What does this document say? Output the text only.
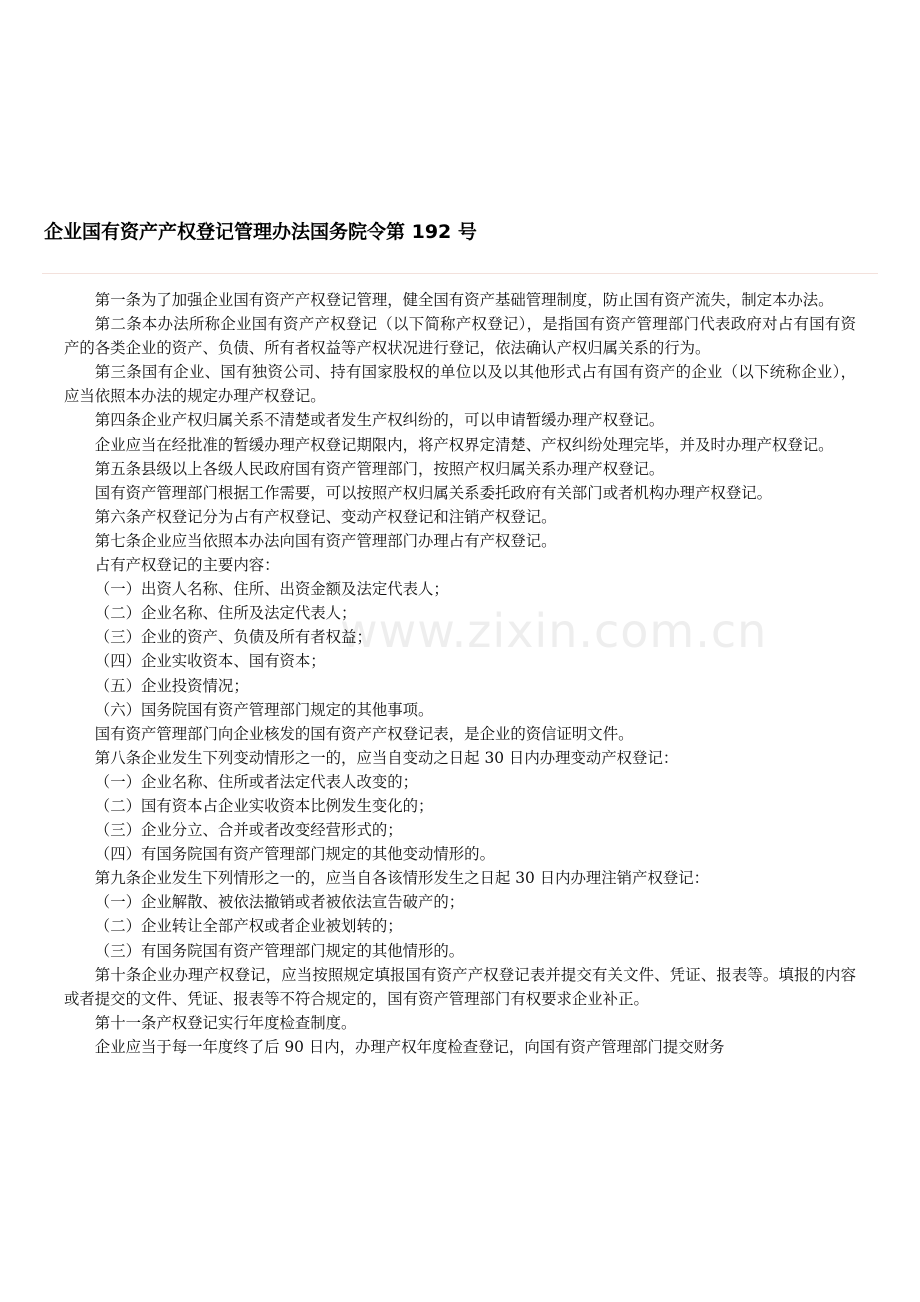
企业国有资产产权登记管理办法国务院令第 192 号
www.zixin.com.cn

第一条为了加强企业国有资产产权登记管理，健全国有资产基础管理制度，防止国有资产流失，制定本办法。

第二条本办法所称企业国有资产产权登记（以下简称产权登记），是指国有资产管理部门代表政府对占有国有资产的各类企业的资产、负债、所有者权益等产权状况进行登记，依法确认产权归属关系的行为。

第三条国有企业、国有独资公司、持有国家股权的单位以及以其他形式占有国有资产的企业（以下统称企业），应当依照本办法的规定办理产权登记。

第四条企业产权归属关系不清楚或者发生产权纠纷的，可以申请暂缓办理产权登记。

企业应当在经批准的暂缓办理产权登记期限内，将产权界定清楚、产权纠纷处理完毕，并及时办理产权登记。

第五条县级以上各级人民政府国有资产管理部门，按照产权归属关系办理产权登记。

国有资产管理部门根据工作需要，可以按照产权归属关系委托政府有关部门或者机构办理产权登记。

第六条产权登记分为占有产权登记、变动产权登记和注销产权登记。

第七条企业应当依照本办法向国有资产管理部门办理占有产权登记。

占有产权登记的主要内容：

（一）出资人名称、住所、出资金额及法定代表人；

（二）企业名称、住所及法定代表人；

（三）企业的资产、负债及所有者权益；

（四）企业实收资本、国有资本；

（五）企业投资情况；

（六）国务院国有资产管理部门规定的其他事项。

国有资产管理部门向企业核发的国有资产产权登记表，是企业的资信证明文件。

第八条企业发生下列变动情形之一的，应当自变动之日起 30 日内办理变动产权登记：

（一）企业名称、住所或者法定代表人改变的；

（二）国有资本占企业实收资本比例发生变化的；

（三）企业分立、合并或者改变经营形式的；

（四）有国务院国有资产管理部门规定的其他变动情形的。

第九条企业发生下列情形之一的，应当自各该情形发生之日起 30 日内办理注销产权登记：

（一）企业解散、被依法撤销或者被依法宣告破产的；

（二）企业转让全部产权或者企业被划转的；

（三）有国务院国有资产管理部门规定的其他情形的。

第十条企业办理产权登记，应当按照规定填报国有资产产权登记表并提交有关文件、凭证、报表等。填报的内容或者提交的文件、凭证、报表等不符合规定的，国有资产管理部门有权要求企业补正。

第十一条产权登记实行年度检查制度。

企业应当于每一年度终了后 90 日内，办理产权年度检查登记，向国有资产管理部门提交财务
